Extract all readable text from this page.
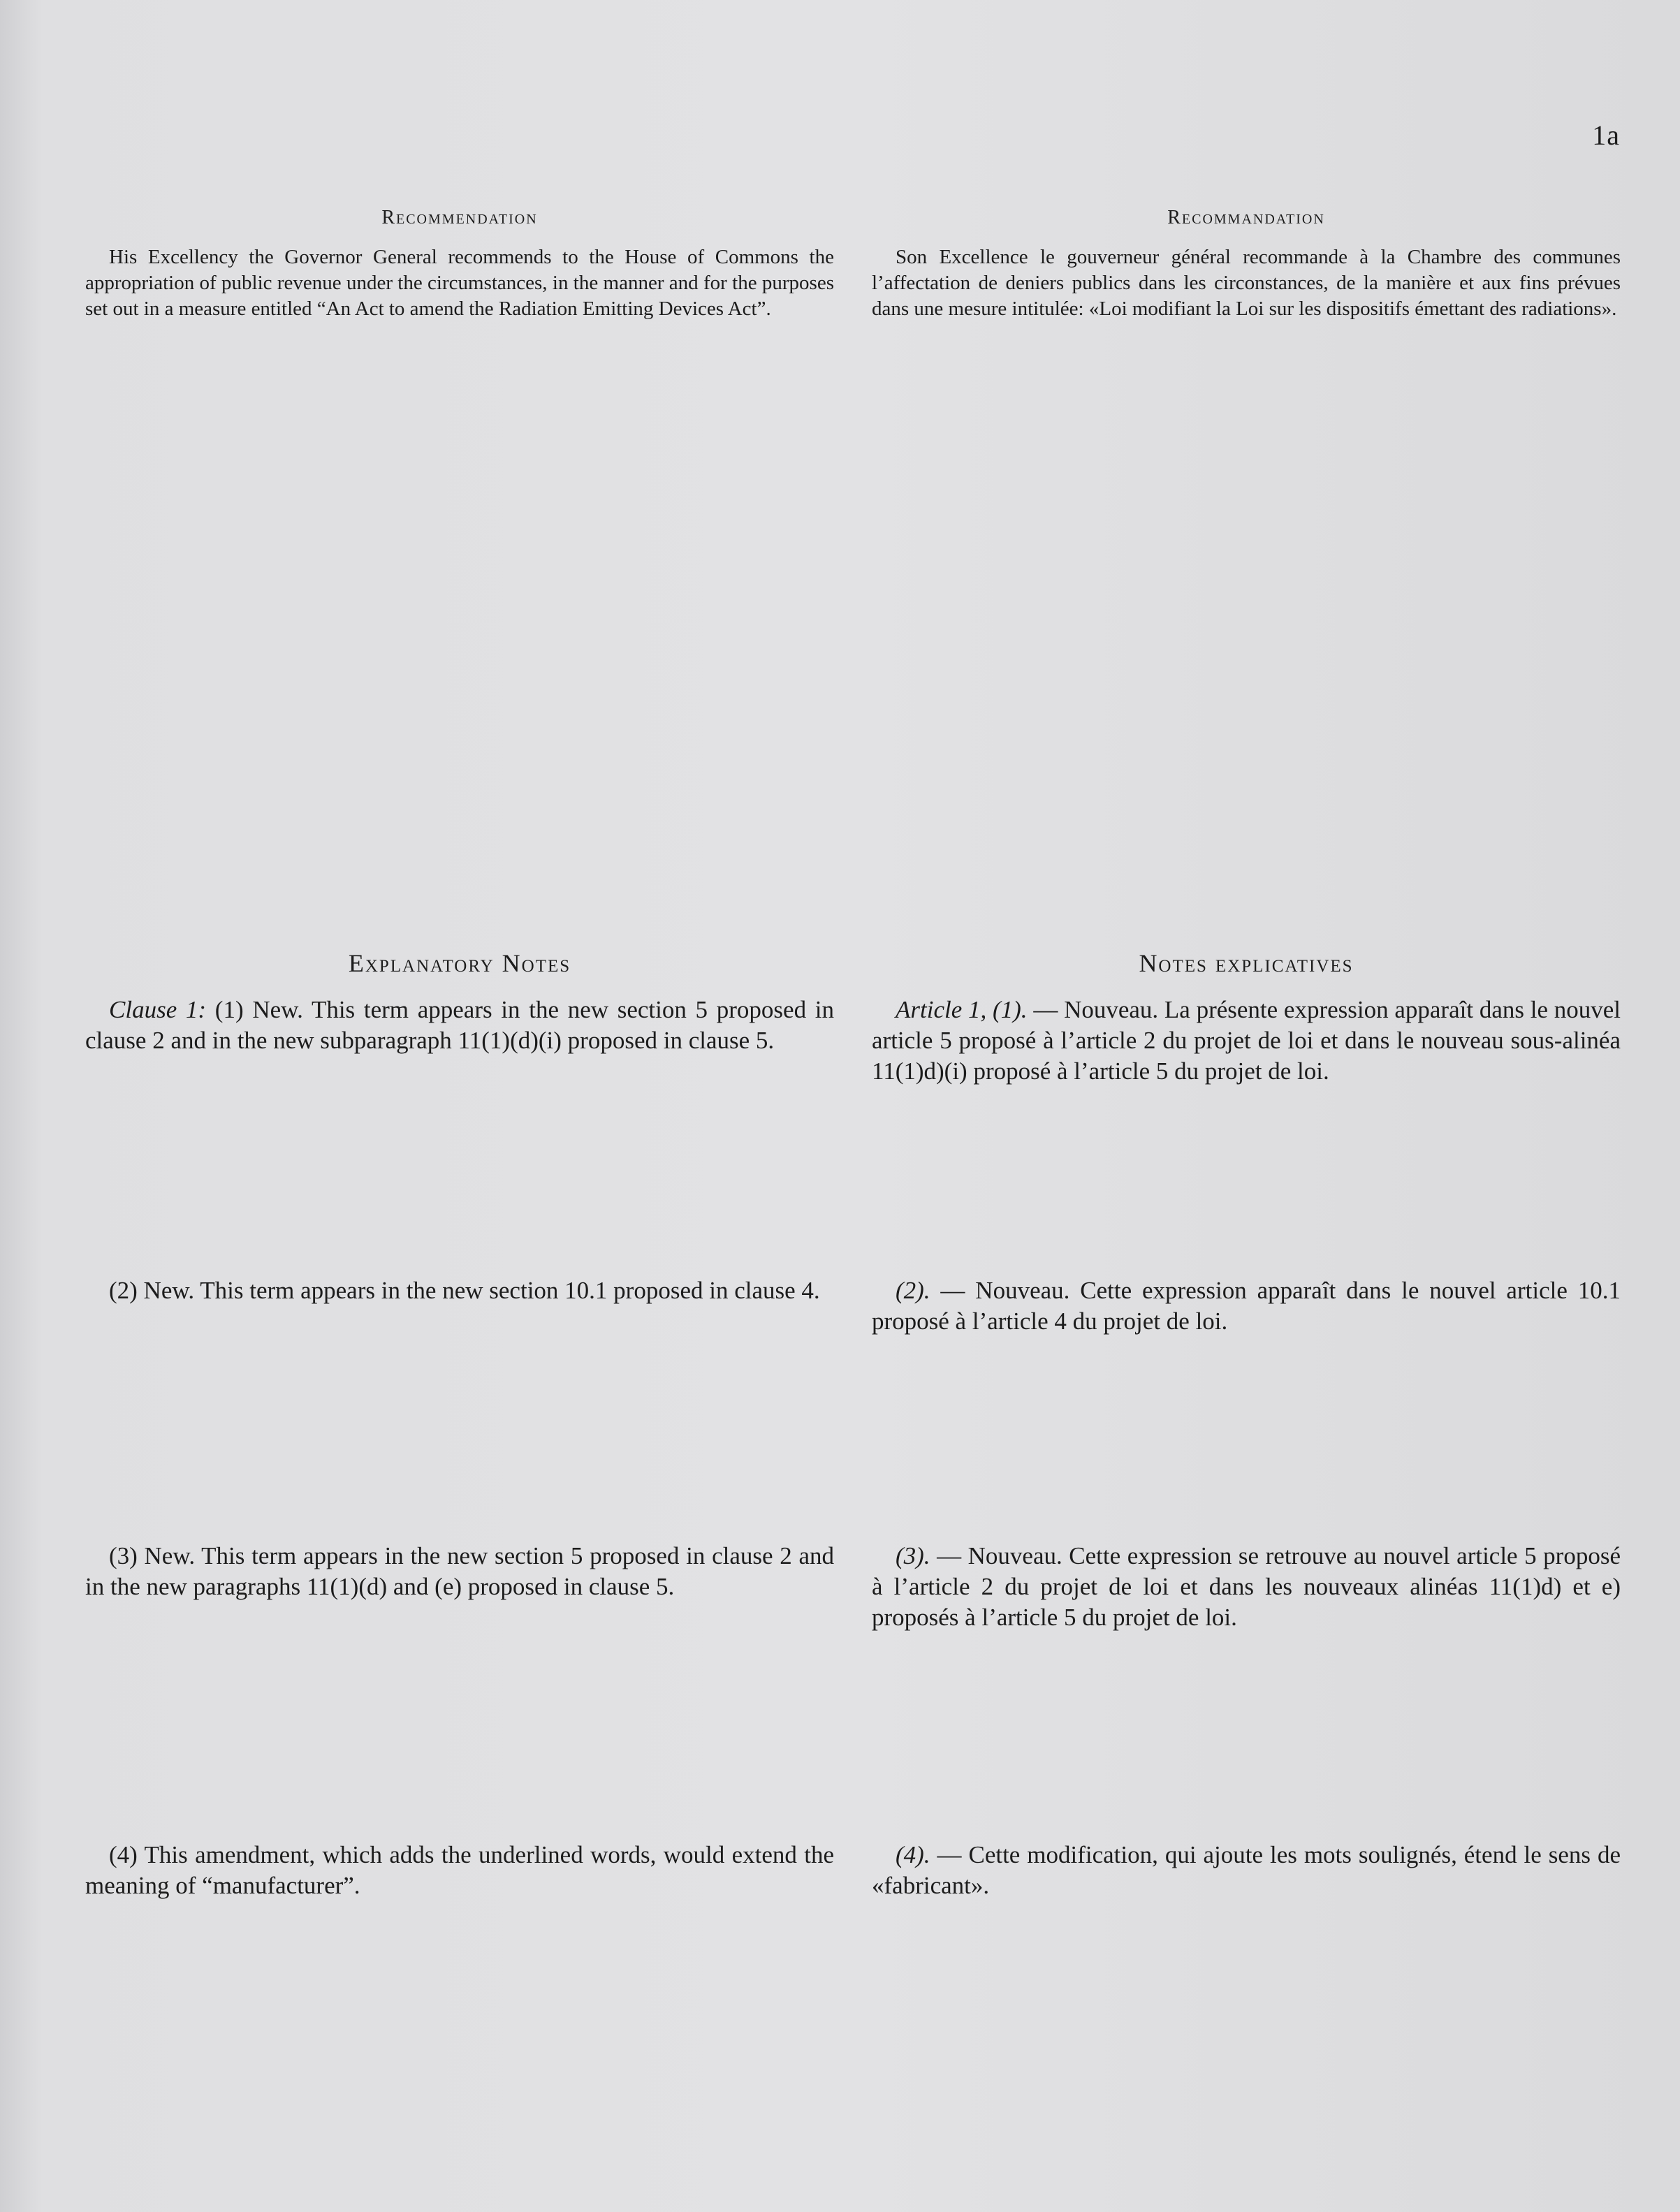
1a
Recommendation

His Excellency the Governor General recommends to the House of Commons the appropriation of public revenue under the circumstances, in the manner and for the purposes set out in a measure entitled “An Act to amend the Radiation Emitting Devices Act”.

Explanatory Notes

Clause 1: (1) New. This term appears in the new section 5 proposed in clause 2 and in the new subparagraph 11(1)(d)(i) proposed in clause 5.

(2) New. This term appears in the new section 10.1 proposed in clause 4.

(3) New. This term appears in the new section 5 proposed in clause 2 and in the new paragraphs 11(1)(d) and (e) proposed in clause 5.

(4) This amendment, which adds the underlined words, would extend the meaning of “manufacturer”.

Recommandation

Son Excellence le gouverneur général recommande à la Chambre des communes l’affectation de deniers publics dans les circonstances, de la manière et aux fins prévues dans une mesure intitulée: «Loi modifiant la Loi sur les dispositifs émettant des radiations».

Notes explicatives

Article 1, (1). — Nouveau. La présente expression apparaît dans le nouvel article 5 proposé à l’article 2 du projet de loi et dans le nouveau sous-alinéa 11(1)d)(i) proposé à l’article 5 du projet de loi.

(2). — Nouveau. Cette expression apparaît dans le nouvel article 10.1 proposé à l’article 4 du projet de loi.

(3). — Nouveau. Cette expression se retrouve au nouvel article 5 proposé à l’article 2 du projet de loi et dans les nouveaux alinéas 11(1)d) et e) proposés à l’article 5 du projet de loi.

(4). — Cette modification, qui ajoute les mots soulignés, étend le sens de «fabricant».
